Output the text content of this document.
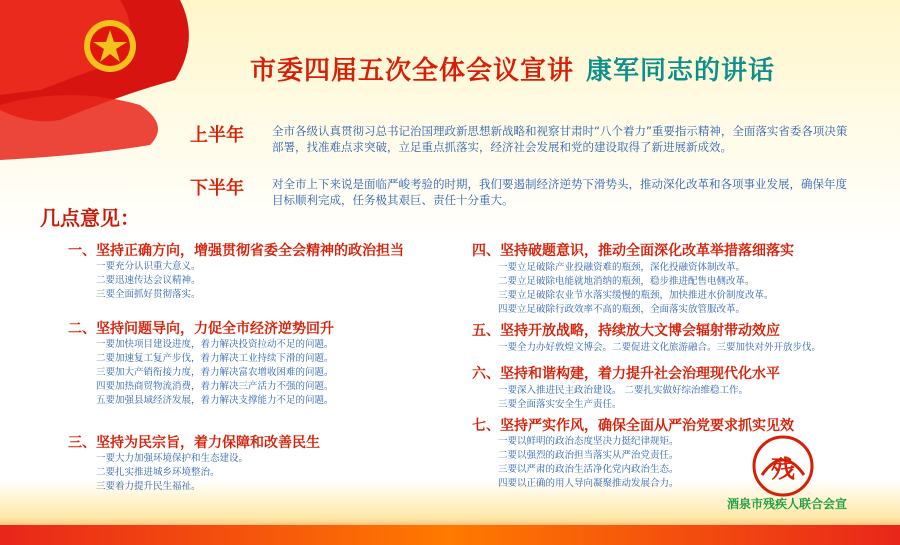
市委四届五次全体会议宣讲 康军同志的讲话
上半年 全市各级认真贯彻习总书记治国理政新思想新战略和视察甘肃时“八个着力”重要指示精神，全面落实省委各项决策部署，找准难点求突破，立足重点抓落实，经济社会发展和党的建设取得了新进展新成效。
下半年 对全市上下来说是面临严峻考验的时期，我们要遏制经济逆势下滑势头，推动深化改革和各项事业发展，确保年度目标顺利完成，任务极其艰巨、责任十分重大。
几点意见：
一、坚持正确方向，增强贯彻省委全会精神的政治担当
一要充分认识重大意义。
二要迅速传达会议精神。
三要全面抓好贯彻落实。
二、坚持问题导向，力促全市经济逆势回升
一要加快项目建设进度，着力解决投资拉动不足的问题。
二要加速复工复产步伐，着力解决工业持续下滑的问题。
三要加大产销衔接力度，着力解决富农增收困难的问题。
四要加热商贸物流消费，着力解决三产活力不强的问题。
五要加强县域经济发展，着力解决支撑能力不足的问题。
三、坚持为民宗旨，着力保障和改善民生
一要大力加强环境保护和生态建设。
二要扎实推进城乡环境整治。
三要着力提升民生福祉。
四、坚持破题意识，推动全面深化改革举措落细落实
一要立足破除产业投融资难的瓶颈，深化投融资体制改革。
二要立足破除电能就地消纳的瓶颈，稳步推进配售电侧改革。
三要立足破除农业节水落实缓慢的瓶颈，加快推进水价制度改革。
四要立足破除行政效率不高的瓶颈，全面落实放管服改革。
五、坚持开放战略，持续放大文博会辐射带动效应
一要全力办好敦煌文博会。二要促进文化旅游融合。三要加快对外开放步伐。
六、坚持和谐构建，着力提升社会治理现代化水平
一要深入推进民主政治建设。 二要扎实做好综治维稳工作。
三要全面落实安全生产责任。
七、坚持严实作风，确保全面从严治党要求抓实见效
一要以鲜明的政治态度坚决力挺纪律规矩。
二要以强烈的政治担当落实从严治党责任。
三要以严肃的政治生活净化党内政治生态。
四要以正确的用人导向凝聚推动发展合力。
残
酒泉市残疾人联合会宣
